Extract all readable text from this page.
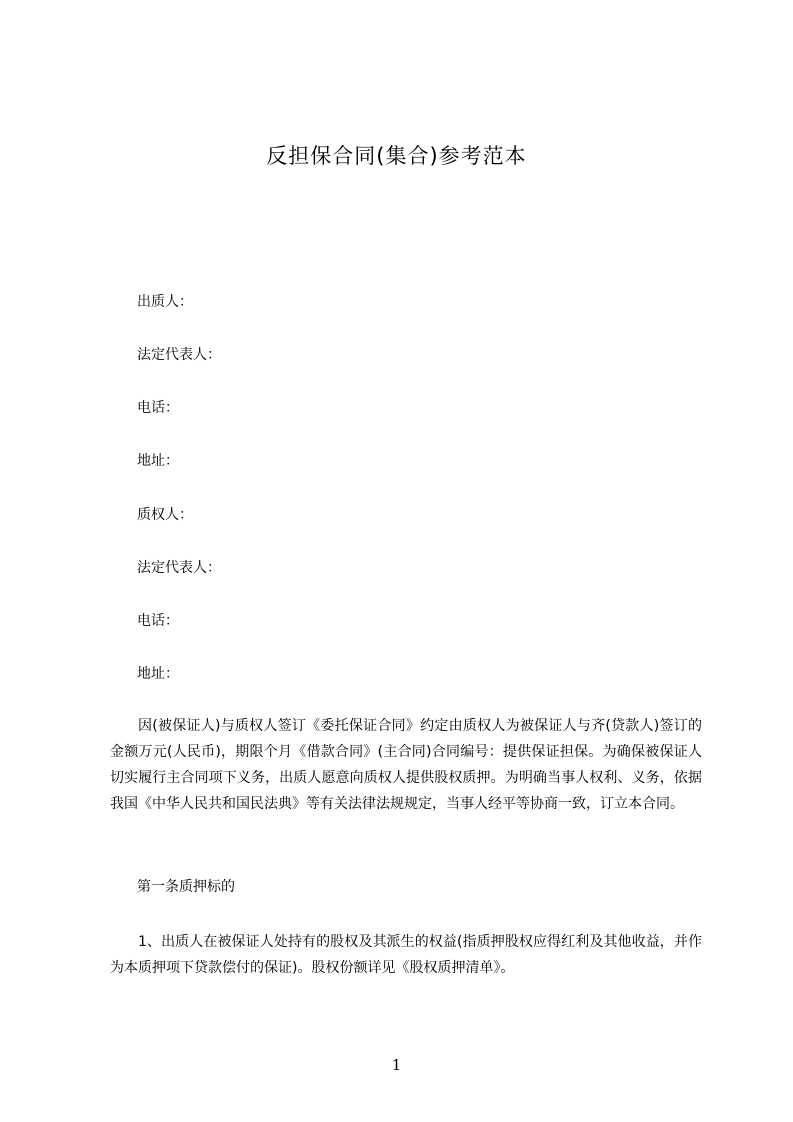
反担保合同(集合)参考范本

出质人：

法定代表人：

电话：

地址：

质权人：

法定代表人：

电话：

地址：

因(被保证人)与质权人签订《委托保证合同》约定由质权人为被保证人与齐(贷款人)签订的金额万元(人民币)，期限个月《借款合同》(主合同)合同编号：提供保证担保。为确保被保证人切实履行主合同项下义务，出质人愿意向质权人提供股权质押。为明确当事人权利、义务，依据我国《中华人民共和国民法典》等有关法律法规规定，当事人经平等协商一致，订立本合同。

第一条质押标的

1、出质人在被保证人处持有的股权及其派生的权益(指质押股权应得红利及其他收益，并作为本质押项下贷款偿付的保证)。股权份额详见《股权质押清单》。

1
